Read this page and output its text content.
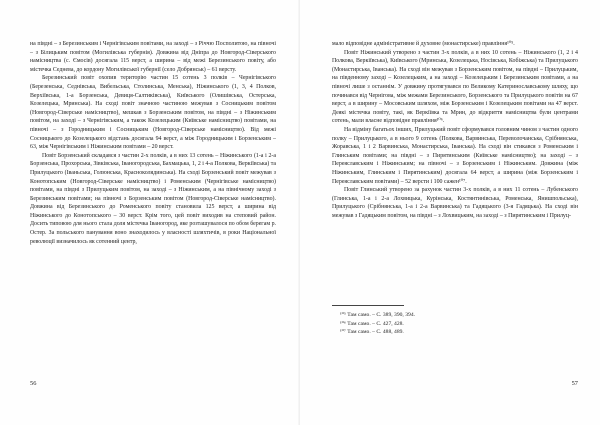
на півдні – з Березинським і Чернігівським повітами, на заході – з Річчю Посполитою, на півночі – з Білицьким повітом (Могилівська губернія). Довжина від Дніпра до Новгород-Сіверського намісництва (с. Ємосів) досягала 115 верст, а ширина – від межі Березинського повіту, або містечка Седнева, до кордону Могилівської губернії (село Добрянськ) – 61 версту.

Березинський повіт охопив територію частин 15 сотень 3 полків – Чернігівського (Березенська, Седнівська, Вибельська, Столинська, Менська), Ніжинського (1, 3, 4 Полков, Верхіївська, 1-а Борзенська, Девиця-Салтиківська), Київського (Олишівська, Остерська, Козелецька, Мринська). На сході повіт значною частиною межував з Сосницьким повітом (Новгород-Сіверське намісництво), мешкав з Борзенським повітом, на півдні – з Ніжинським повітом, на заході – з Чернігівським, а також Козелецьким (Київське намісництво) повітами, на півночі – з Городницьким і Сосницьким (Новгород-Сіверське намісництво). Від межі Сосницького до Козелецького відстань досягала 94 верст, а між Городницьким і Борзенським – 63, між Чернігівським і Ніжинським повітами – 20 верст.

Повіт Борзенський складався з частин 2-х полків, а в них 13 сотень – Ніжинського (1-а і 2-а Борзенська, Прохорська, Зівківська, Іваногородська, Бахмацька, 1, 2 і 4-а Полкова, Веркіївська) та Прилуцького (Іваньська, Голюнська, Красноколядинська). На сході Борзенський повіт межував з Конотопським (Новгород-Сіверське намісництво) і Роменським (Чернігівське намісництво) повітами, на півдні з Прилуцьким повітом, на заході – з Ніжинським, а на північному заході з Березинським повітами; на півночі з Борзенським повітом (Новгород-Сіверське намісництво). Довжина від Березинського до Роменського повіту становила 125 верст, а ширина від Ніжинського до Конотопського – 30 верст. Крім того, цей повіт виходив на степовий район. Досить типовою для нього стала доля містечка Іваногород, яке розташувалося по обом берегам р. Остер. За польського панування воно знаходилось у власності шляхтичів, в роки Національної революції визначилось як сотенний центр,

56

мало відповідне адміністративне й духовне (монастирське) правління¹⁰⁵.

Повіт Ніжинський утворено з частин 3-х полків, а в них 10 сотень – Ніжинського (1, 2 і 4 Полкова, Веркіївська), Київського (Мринська, Козелецька, Носівська, Кобіжська) та Прилуцького (Монастирська, Іванська). На сході він межував з Борзенським повітом, на півдні – Прилуцьким, на південному заході – Козелецьким, а на заході – Козелецьким і Березинським повітами, а на півночі лише з останнім. У довжину протягувався по Великому Катеринославському шляху, що починався від Чернігова, між межами Березинського, Борзенського та Прилуцького повітів на 67 верст, а в ширину – Мосовським шляхом, між Борзенським і Козелецьким повітами на 47 верст. Деякі містечка повіту, такі, як Веркіївка та Мрин, до відкриття намісництва були центрами сотень, мали власне відповідне правління¹⁰⁶.

На відміну багатьох інших, Прилуцький повіт сформувався головним чином з частин одного полку – Прилуцького, а в нього 9 сотень (Полкова, Варвинська, Переволочанська, Срібнянська, Жоравська, 1 і 2 Варвинська, Монастирська, Іванська). На сході він стикався з Роменським і Глинським повітами; на півдні – з Пирятинським (Київське намісництво); на заході – з Переяславським і Ніжинським; на півночі – з Борзенським і Ніжинським. Довжина (між Ніжинським, Глинським і Пирятинським) досягала 64 верст, а ширина (між Борзенським і Переяславським повітами) – 52 версти і 100 сажен¹⁰⁷.

Повіт Глинський утворено за рахунок частин 3-х полків, а в них 11 сотень – Лубенського (Глинська, 1-а і 2-а Лохвицька, Курінська, Костянтинівська, Роменська, Янишпольська), Прилуцького (Срібнянська, 1-а і 2-а Варвинська) та Гадяцького (3-я Гадяцька). На сході він межував з Гадяцьким повітом, на півдні – з Лохвицьким, на заході – з Пирятинським і Прилуц-

¹⁰⁵ Там само. – С. 389, 390, 394.
¹⁰⁶ Там само. – С. 427, 428.
¹⁰⁷ Там само. – С. 488, 489.
57
